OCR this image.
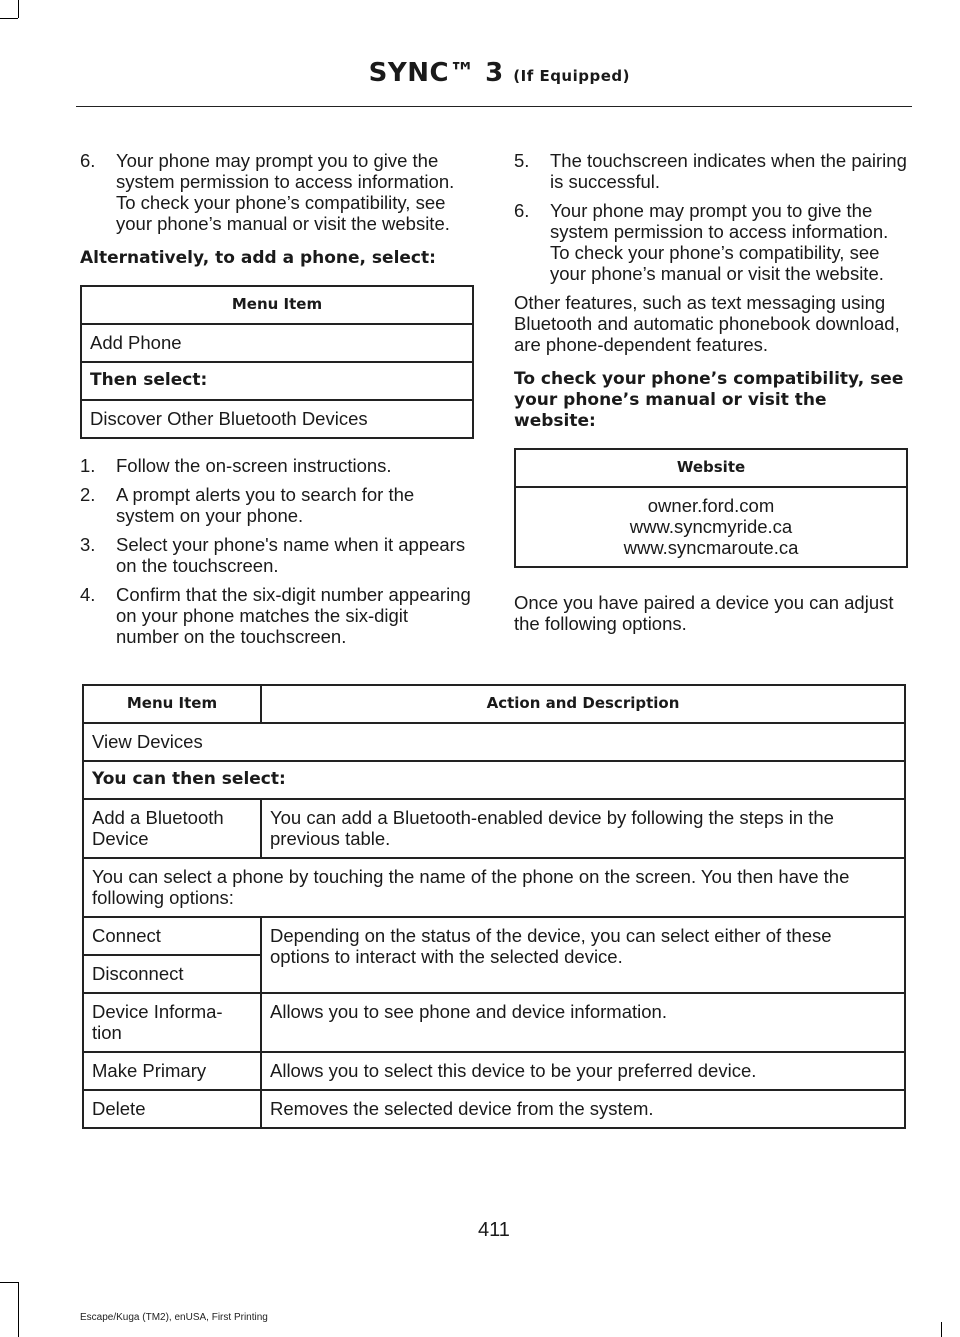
SYNC™ 3 (If Equipped)
6. Your phone may prompt you to give the system permission to access information. To check your phone’s compatibility, see your phone’s manual or visit the website.
Alternatively, to add a phone, select:
Menu Item
Add Phone
Then select:
Discover Other Bluetooth Devices
1. Follow the on-screen instructions.
2. A prompt alerts you to search for the system on your phone.
3. Select your phone's name when it appears on the touchscreen.
4. Confirm that the six-digit number appearing on your phone matches the six-digit number on the touchscreen.
5. The touchscreen indicates when the pairing is successful.
6. Your phone may prompt you to give the system permission to access information. To check your phone’s compatibility, see your phone’s manual or visit the website.

Other features, such as text messaging using Bluetooth and automatic phonebook download, are phone-dependent features.

To check your phone’s compatibility, see your phone’s manual or visit the website:
Website

owner.ford.com
www.syncmyride.ca
www.syncmaroute.ca

Once you have paired a device you can adjust the following options.

Menu Item	Action and Description
View Devices	
You can then select:	
Add a Bluetooth Device	You can add a Bluetooth-enabled device by following the steps in the previous table.
You can select a phone by touching the name of the phone on the screen. You then have the following options:	
Connect	Depending on the status of the device, you can select either of these options to interact with the selected device.
Disconnect	
Device Informa-tion	Allows you to see phone and device information.
Make Primary	Allows you to select this device to be your preferred device.
Delete	Removes the selected device from the system.
411
Escape/Kuga (TM2), enUSA, First Printing
